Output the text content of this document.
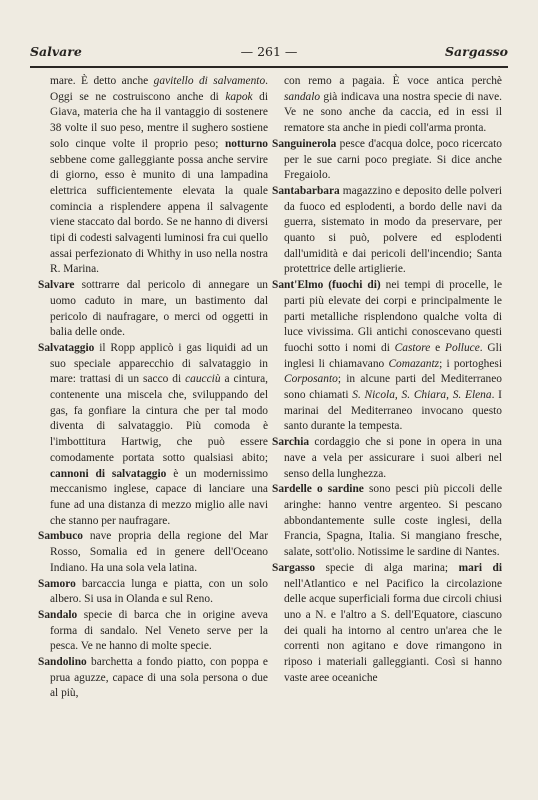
Salvare	— 261 —	Sargasso
mare. È detto anche gavitello di salvamento. Oggi se ne costruiscono anche di kapok di Giava, materia che ha il vantaggio di sostenere 38 volte il suo peso, mentre il sughero sostiene solo cinque volte il proprio peso; notturno sebbene come galleggiante possa anche servire di giorno, esso è munito di una lampadina elettrica sufficientemente elevata la quale comincia a risplendere appena il salvagente viene staccato dal bordo. Se ne hanno di diversi tipi di codesti salvagenti luminosi fra cui quello assai perfezionato di Whithy in uso nella nostra R. Marina.
Salvare sottrarre dal pericolo di annegare un uomo caduto in mare, un bastimento dal pericolo di naufragare, o merci od oggetti in balia delle onde.
Salvataggio il Ropp applicò i gas liquidi ad un suo speciale apparecchio di salvataggio in mare: trattasi di un sacco di caucciù a cintura, contenente una miscela che, sviluppando del gas, fa gonfiare la cintura che per tal modo diventa di salvataggio. Più comoda è l'imbottitura Hartwig, che può essere comodamente portata sotto qualsiasi abito; cannoni di salvataggio è un modernissimo meccanismo inglese, capace di lanciare una fune ad una distanza di mezzo miglio alle navi che stanno per naufragare.
Sambuco nave propria della regione del Mar Rosso, Somalia ed in genere dell'Oceano Indiano. Ha una sola vela latina.
Samoro barcaccia lunga e piatta, con un solo albero. Si usa in Olanda e sul Reno.
Sandalo specie di barca che in origine aveva forma di sandalo. Nel Veneto serve per la pesca. Ve ne hanno di molte specie.
Sandolino barchetta a fondo piatto, con poppa e prua aguzze, capace di una sola persona o due al più,
con remo a pagaia. È voce antica perchè sandalo già indicava una nostra specie di nave. Ve ne sono anche da caccia, ed in essi il rematore sta anche in piedi coll'arma pronta.
Sanguinerola pesce d'acqua dolce, poco ricercato per le sue carni poco pregiate. Si dice anche Fregaiolo.
Santabarbara magazzino e deposito delle polveri da fuoco ed esplodenti, a bordo delle navi da guerra, sistemato in modo da preservare, per quanto si può, polvere ed esplodenti dall'umidità e dai pericoli dell'incendio; Santa protettrice delle artiglierie.
Sant'Elmo (fuochi di) nei tempi di procelle, le parti più elevate dei corpi e principalmente le parti metalliche risplendono qualche volta di luce vivissima. Gli antichi conoscevano questi fuochi sotto i nomi di Castore e Polluce. Gli inglesi li chiamavano Comazantz; i portoghesi Corposanto; in alcune parti del Mediterraneo sono chiamati S. Nicola, S. Chiara, S. Elena. I marinai del Mediterraneo invocano questo santo durante la tempesta.
Sarchia cordaggio che si pone in opera in una nave a vela per assicurare i suoi alberi nel senso della lunghezza.
Sardelle o sardine sono pesci più piccoli delle aringhe: hanno ventre argenteo. Si pescano abbondantemente sulle coste inglesi, della Francia, Spagna, Italia. Si mangiano fresche, salate, sott'olio. Notissime le sardine di Nantes.
Sargasso specie di alga marina; mari di nell'Atlantico e nel Pacifico la circolazione delle acque superficiali forma due circoli chiusi uno a N. e l'altro a S. dell'Equatore, ciascuno dei quali ha intorno al centro un'area che le correnti non agitano e dove rimangono in riposo i materiali galleggianti. Così si hanno vaste aree oceaniche
